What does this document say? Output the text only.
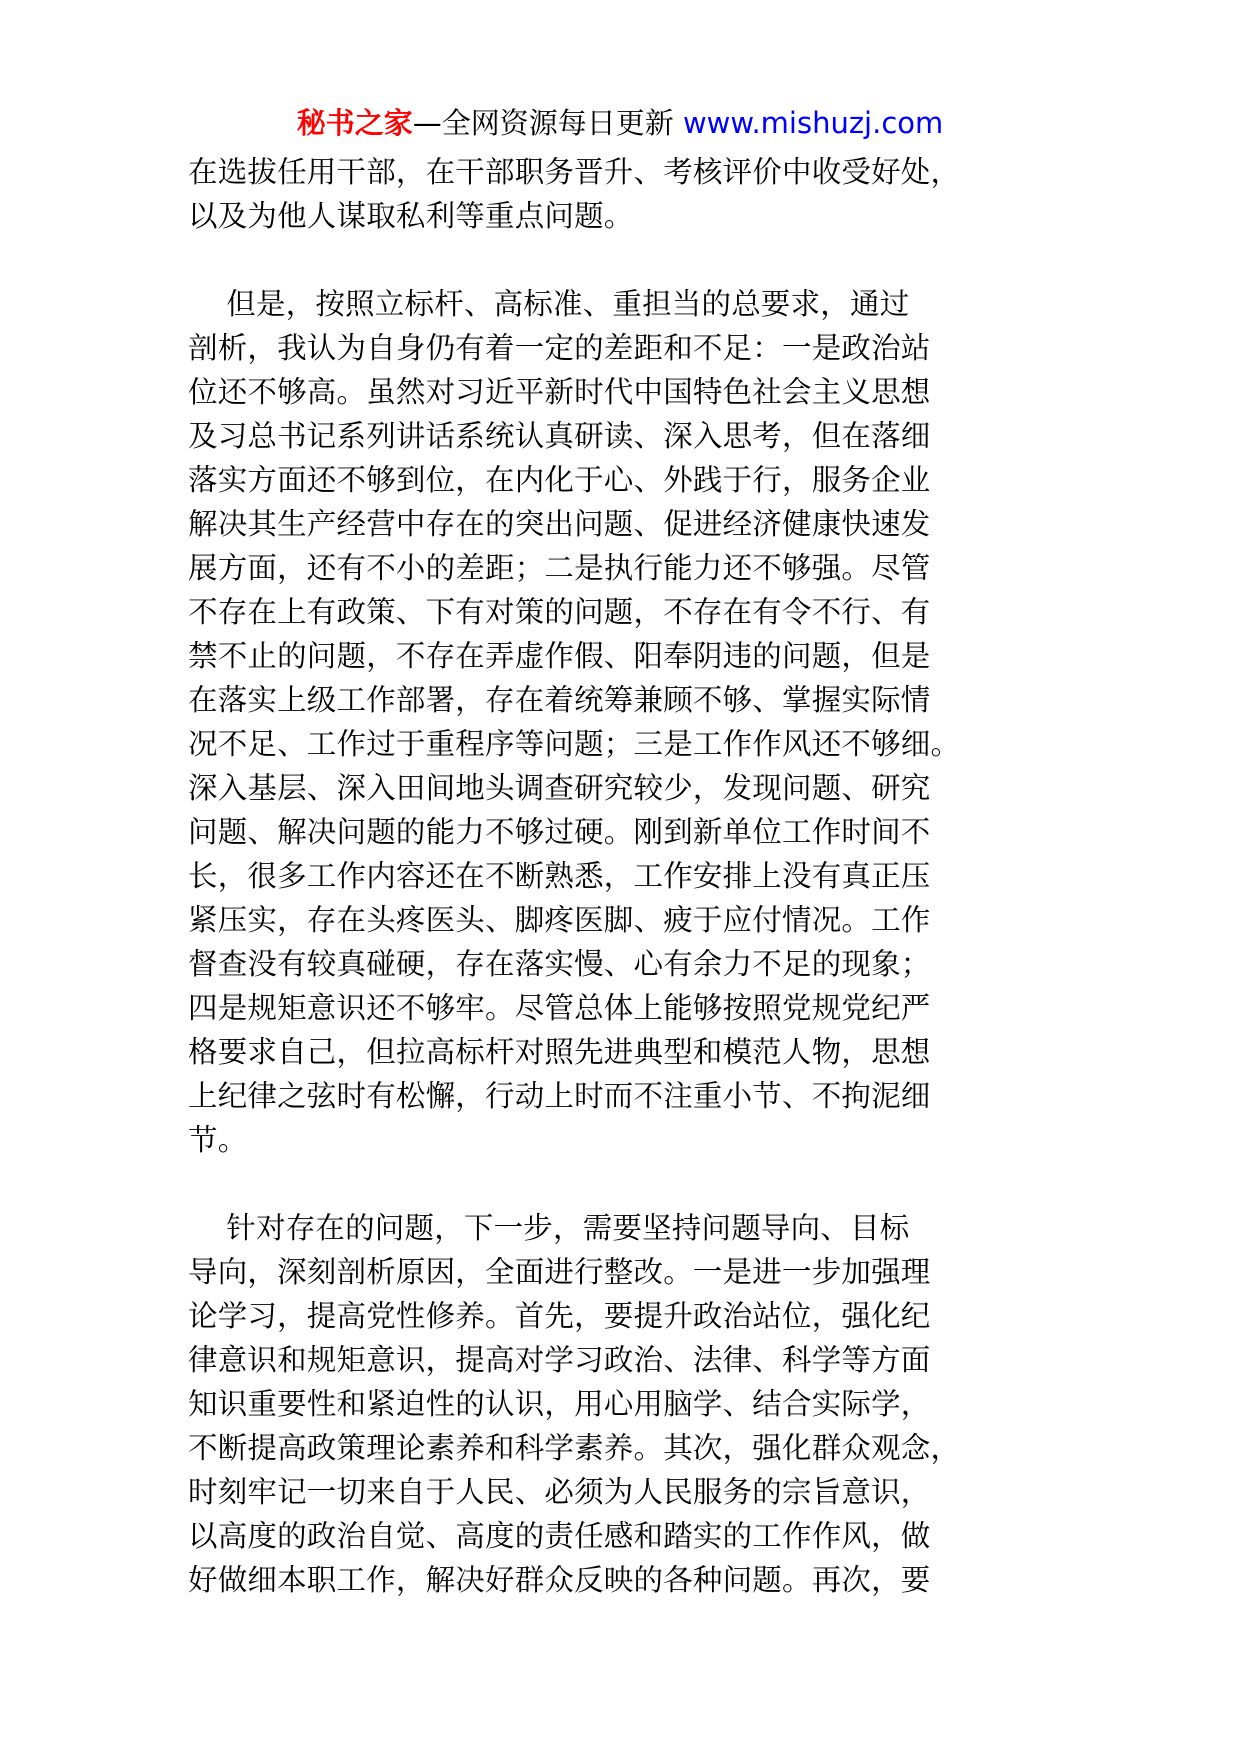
秘书之家—全网资源每日更新 www.mishuzj.com
在选拔任用干部，在干部职务晋升、考核评价中收受好处，
以及为他人谋取私利等重点问题。
但是，按照立标杆、高标准、重担当的总要求，通过
剖析，我认为自身仍有着一定的差距和不足：一是政治站
位还不够高。虽然对习近平新时代中国特色社会主义思想
及习总书记系列讲话系统认真研读、深入思考，但在落细
落实方面还不够到位，在内化于心、外践于行，服务企业
解决其生产经营中存在的突出问题、促进经济健康快速发
展方面，还有不小的差距；二是执行能力还不够强。尽管
不存在上有政策、下有对策的问题，不存在有令不行、有
禁不止的问题，不存在弄虚作假、阳奉阴违的问题，但是
在落实上级工作部署，存在着统筹兼顾不够、掌握实际情
况不足、工作过于重程序等问题；三是工作作风还不够细。
深入基层、深入田间地头调查研究较少，发现问题、研究
问题、解决问题的能力不够过硬。刚到新单位工作时间不
长，很多工作内容还在不断熟悉，工作安排上没有真正压
紧压实，存在头疼医头、脚疼医脚、疲于应付情况。工作
督查没有较真碰硬，存在落实慢、心有余力不足的现象；
四是规矩意识还不够牢。尽管总体上能够按照党规党纪严
格要求自己，但拉高标杆对照先进典型和模范人物，思想
上纪律之弦时有松懈，行动上时而不注重小节、不拘泥细
节。
针对存在的问题，下一步，需要坚持问题导向、目标
导向，深刻剖析原因，全面进行整改。一是进一步加强理
论学习，提高党性修养。首先，要提升政治站位，强化纪
律意识和规矩意识，提高对学习政治、法律、科学等方面
知识重要性和紧迫性的认识，用心用脑学、结合实际学，
不断提高政策理论素养和科学素养。其次，强化群众观念，
时刻牢记一切来自于人民、必须为人民服务的宗旨意识，
以高度的政治自觉、高度的责任感和踏实的工作作风，做
好做细本职工作，解决好群众反映的各种问题。再次，要
